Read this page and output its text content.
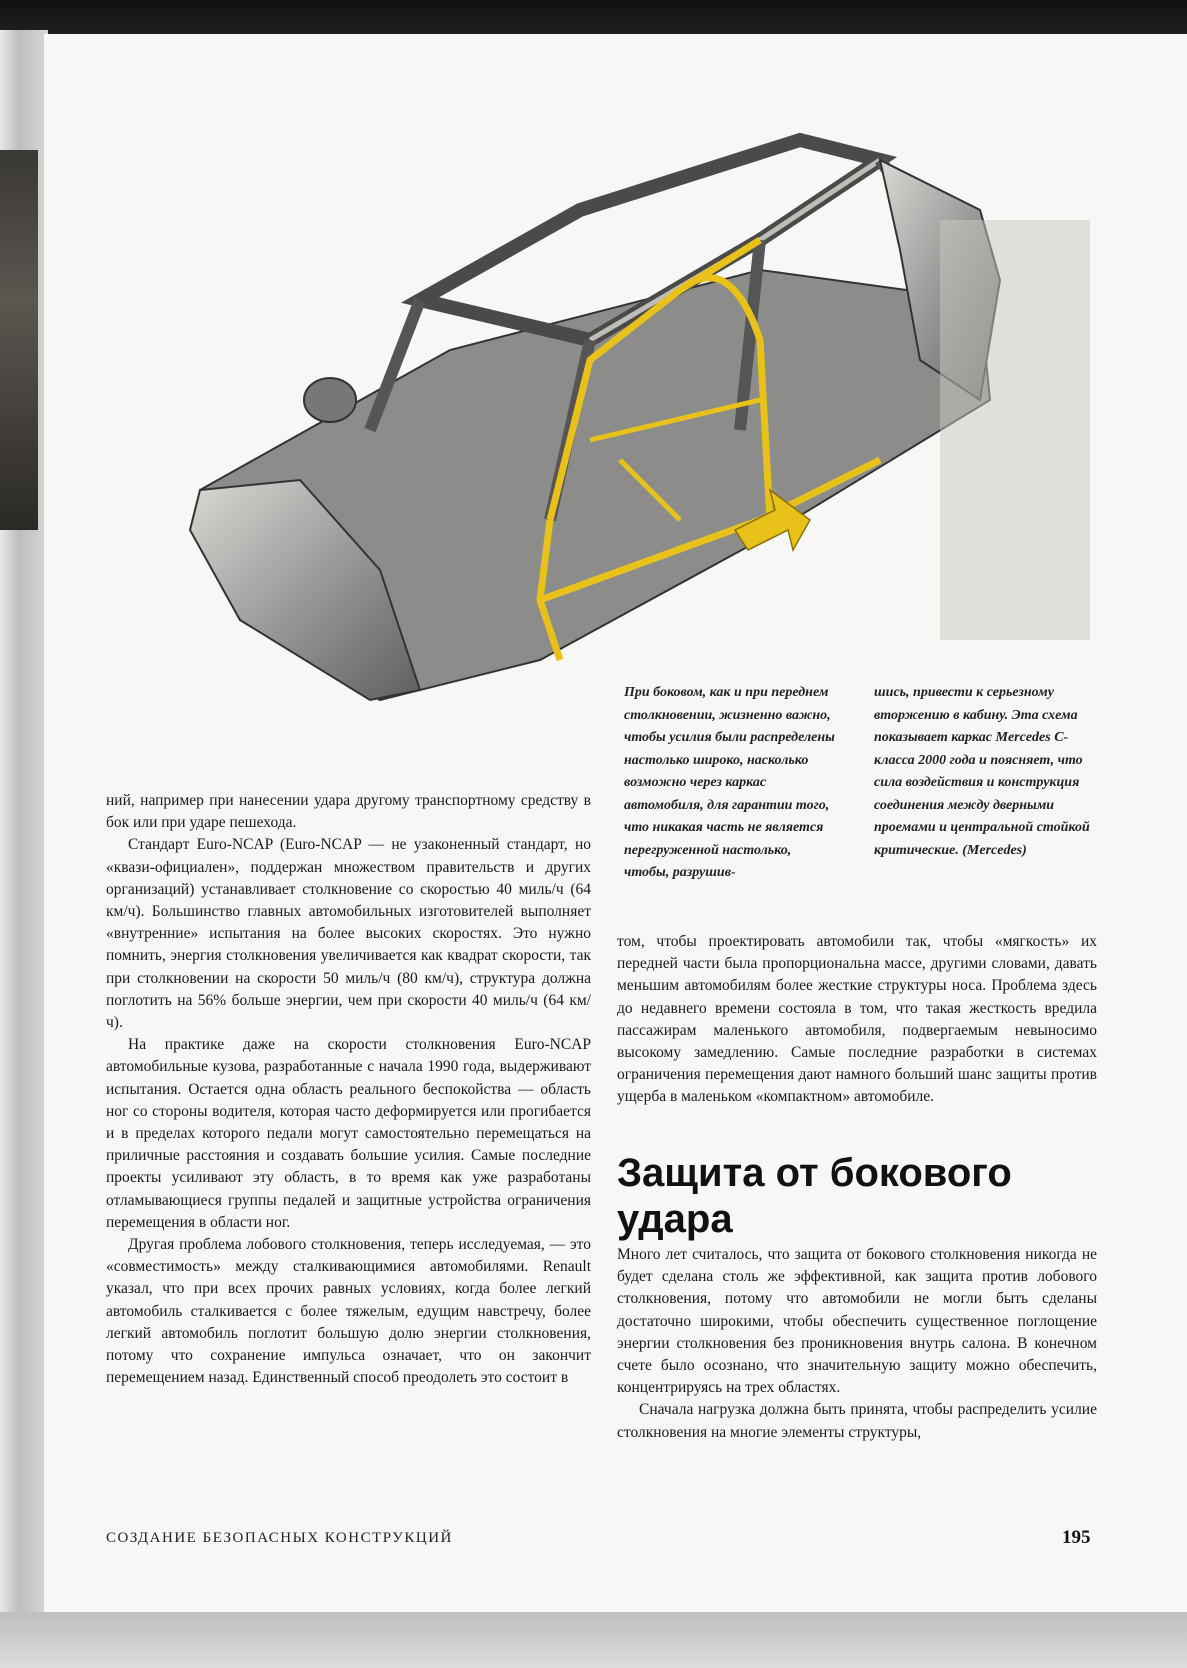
При боковом, как и при переднем столкновении, жизненно важно, чтобы усилия были распределены настолько широко, насколько возможно через каркас автомобиля, для гарантии того, что никакая часть не является перегруженной настолько, чтобы, разрушив-
шись, привести к серьезному вторжению в кабину. Эта схема показывает каркас Mercedes С-класса 2000 года и поясняет, что сила воздействия и конструкция соединения между дверными проемами и центральной стойкой критические. (Mercedes)

ний, например при нанесении удара другому транспортному средству в бок или при ударе пешехода.

Стандарт Euro-NCAP (Euro-NCAP — не узаконенный стандарт, но «квази-официален», поддержан множеством правительств и других организаций) устанавливает столкновение со скоростью 40 миль/ч (64 км/ч). Большинство главных автомобильных изготовителей выполняет «внутренние» испытания на более высоких скоростях. Это нужно помнить, энергия столкновения увеличивается как квадрат скорости, так при столкновении на скорости 50 миль/ч (80 км/ч), структура должна поглотить на 56% больше энергии, чем при скорости 40 миль/ч (64 км/ч).

На практике даже на скорости столкновения Euro-NCAP автомобильные кузова, разработанные с начала 1990 года, выдерживают испытания. Остается одна область реального беспокойства — область ног со стороны водителя, которая часто деформируется или прогибается и в пределах которого педали могут самостоятельно перемещаться на приличные расстояния и создавать большие усилия. Самые последние проекты усиливают эту область, в то время как уже разработаны отламывающиеся группы педалей и защитные устройства ограничения перемещения в области ног.

Другая проблема лобового столкновения, теперь исследуемая, — это «совместимость» между сталкивающимися автомобилями. Renault указал, что при всех прочих равных условиях, когда более легкий автомобиль сталкивается с более тяжелым, едущим навстречу, более легкий автомобиль поглотит большую долю энергии столкновения, потому что сохранение импульса означает, что он закончит перемещением назад. Единственный способ преодолеть это состоит в

том, чтобы проектировать автомобили так, чтобы «мягкость» их передней части была пропорциональна массе, другими словами, давать меньшим автомобилям более жесткие структуры носа. Проблема здесь до недавнего времени состояла в том, что такая жесткость вредила пассажирам маленького автомобиля, подвергаемым невыносимо высокому замедлению. Самые последние разработки в системах ограничения перемещения дают намного больший шанс защиты против ущерба в маленьком «компактном» автомобиле.

Защита от бокового удара

Много лет считалось, что защита от бокового столкновения никогда не будет сделана столь же эффективной, как защита против лобового столкновения, потому что автомобили не могли быть сделаны достаточно широкими, чтобы обеспечить существенное поглощение энергии столкновения без проникновения внутрь салона. В конечном счете было осознано, что значительную защиту можно обеспечить, концентрируясь на трех областях.

Сначала нагрузка должна быть принята, чтобы распределить усилие столкновения на многие элементы структуры,

СОЗДАНИЕ БЕЗОПАСНЫХ КОНСТРУКЦИЙ	195
